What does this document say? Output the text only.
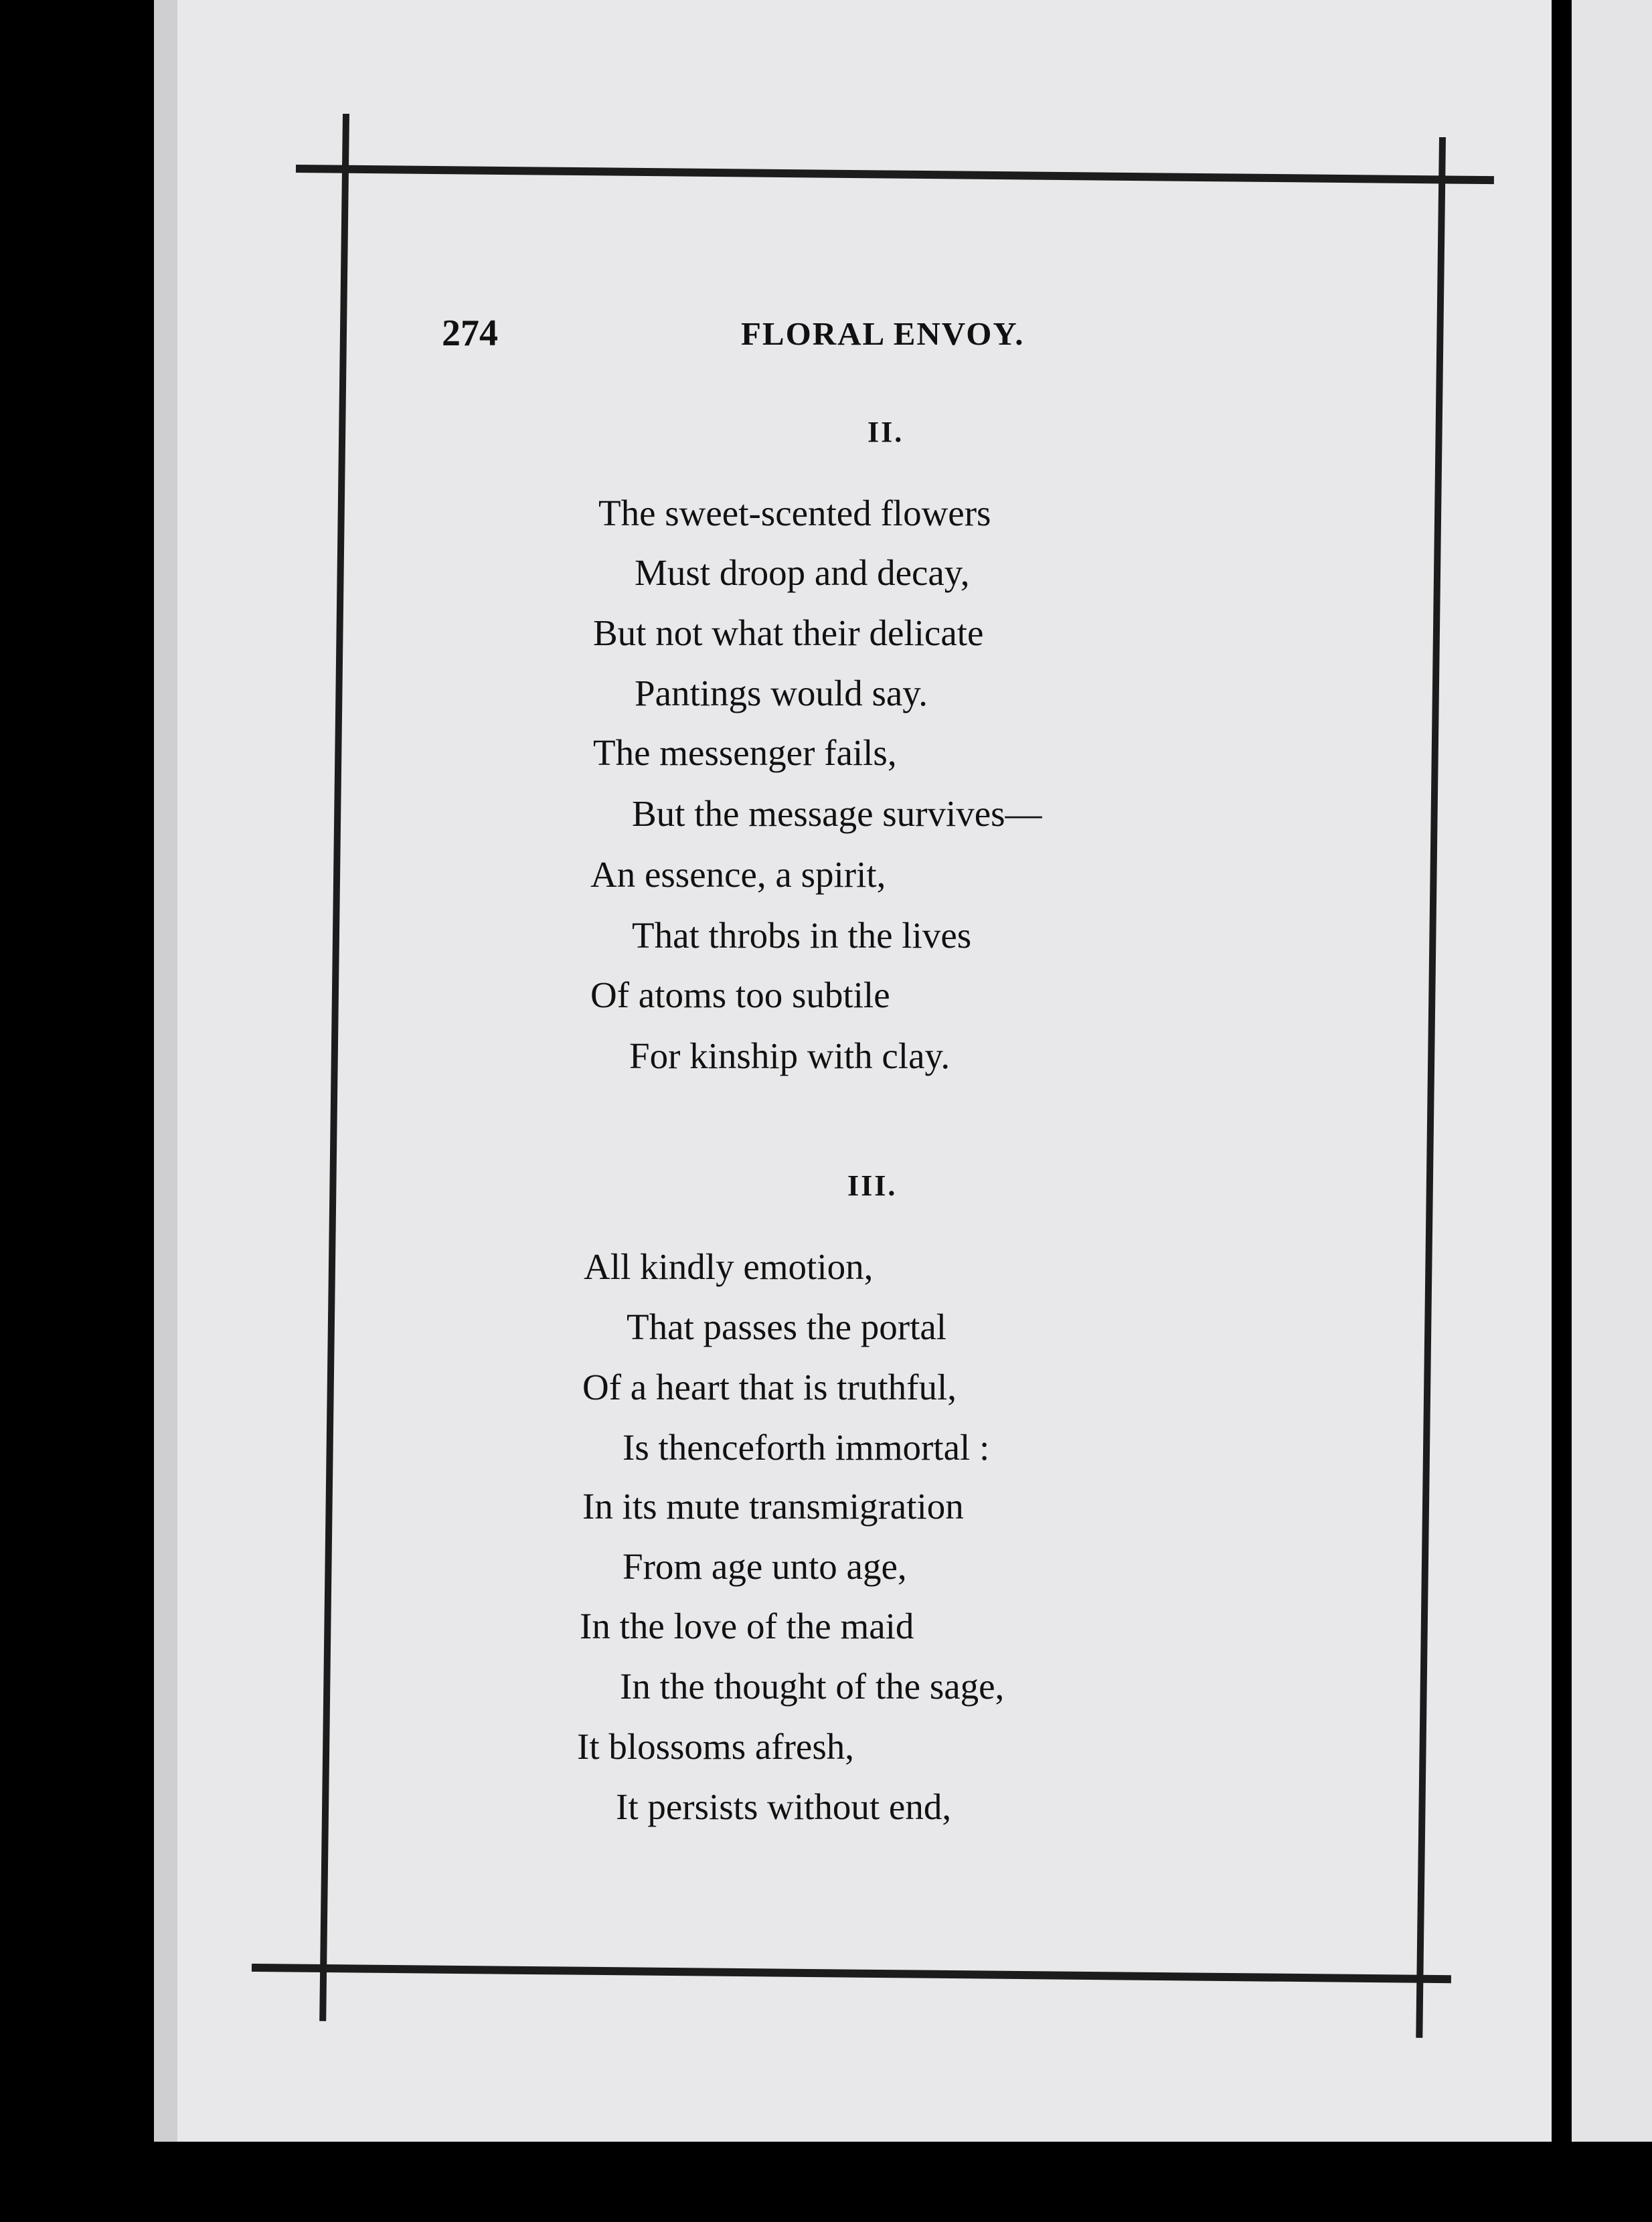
274	FLORAL ENVOY.
II.
The sweet-scented flowers
Must droop and decay,
But not what their delicate
Pantings would say.
The messenger fails,
But the message survives—
An essence, a spirit,
That throbs in the lives
Of atoms too subtile
For kinship with clay.
III.
All kindly emotion,
That passes the portal
Of a heart that is truthful,
Is thenceforth immortal :
In its mute transmigration
From age unto age,
In the love of the maid
In the thought of the sage,
It blossoms afresh,
It persists without end,
